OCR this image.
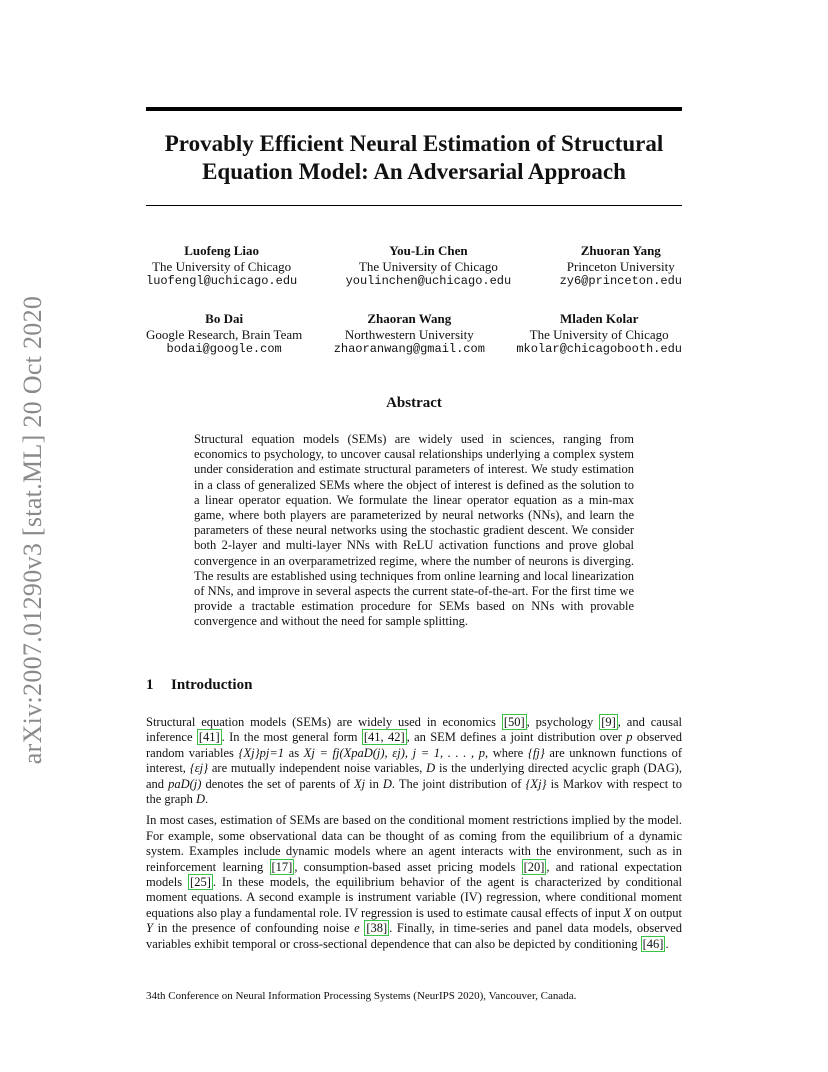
arXiv:2007.01290v3 [stat.ML] 20 Oct 2020
Provably Efficient Neural Estimation of Structural
Equation Model: An Adversarial Approach
Luofeng Liao
The University of Chicago
luofengl@uchicago.edu
You-Lin Chen
The University of Chicago
youlinchen@uchicago.edu
Zhuoran Yang
Princeton University
zy6@princeton.edu
Bo Dai
Google Research, Brain Team
bodai@google.com
Zhaoran Wang
Northwestern University
zhaoranwang@gmail.com
Mladen Kolar
The University of Chicago
mkolar@chicagobooth.edu
Abstract

Structural equation models (SEMs) are widely used in sciences, ranging from economics to psychology, to uncover causal relationships underlying a complex system under consideration and estimate structural parameters of interest. We study estimation in a class of generalized SEMs where the object of interest is defined as the solution to a linear operator equation. We formulate the linear operator equation as a min-max game, where both players are parameterized by neural networks (NNs), and learn the parameters of these neural networks using the stochastic gradient descent. We consider both 2-layer and multi-layer NNs with ReLU activation functions and prove global convergence in an overparametrized regime, where the number of neurons is diverging. The results are established using techniques from online learning and local linearization of NNs, and improve in several aspects the current state-of-the-art. For the first time we provide a tractable estimation procedure for SEMs based on NNs with provable convergence and without the need for sample splitting.

1 Introduction

Structural equation models (SEMs) are widely used in economics [50] , psychology [9] , and causal inference [41] . In the most general form [41, 42] , an SEM defines a joint distribution over p observed random variables {Xj}pj=1 as Xj = fj(XpaD(j), εj), j = 1, . . . , p, where {fj} are unknown functions of interest, {εj} are mutually independent noise variables, D is the underlying directed acyclic graph (DAG), and paD(j) denotes the set of parents of Xj in D. The joint distribution of {Xj} is Markov with respect to the graph D.

In most cases, estimation of SEMs are based on the conditional moment restrictions implied by the model. For example, some observational data can be thought of as coming from the equilibrium of a dynamic system. Examples include dynamic models where an agent interacts with the environment, such as in reinforcement learning [17] , consumption-based asset pricing models [20] , and rational expectation models [25] . In these models, the equilibrium behavior of the agent is characterized by conditional moment equations. A second example is instrument variable (IV) regression, where conditional moment equations also play a fundamental role. IV regression is used to estimate causal effects of input X on output Y in the presence of confounding noise e [38] . Finally, in time-series and panel data models, observed variables exhibit temporal or cross-sectional dependence that can also be depicted by conditioning [46] .

34th Conference on Neural Information Processing Systems (NeurIPS 2020), Vancouver, Canada.
